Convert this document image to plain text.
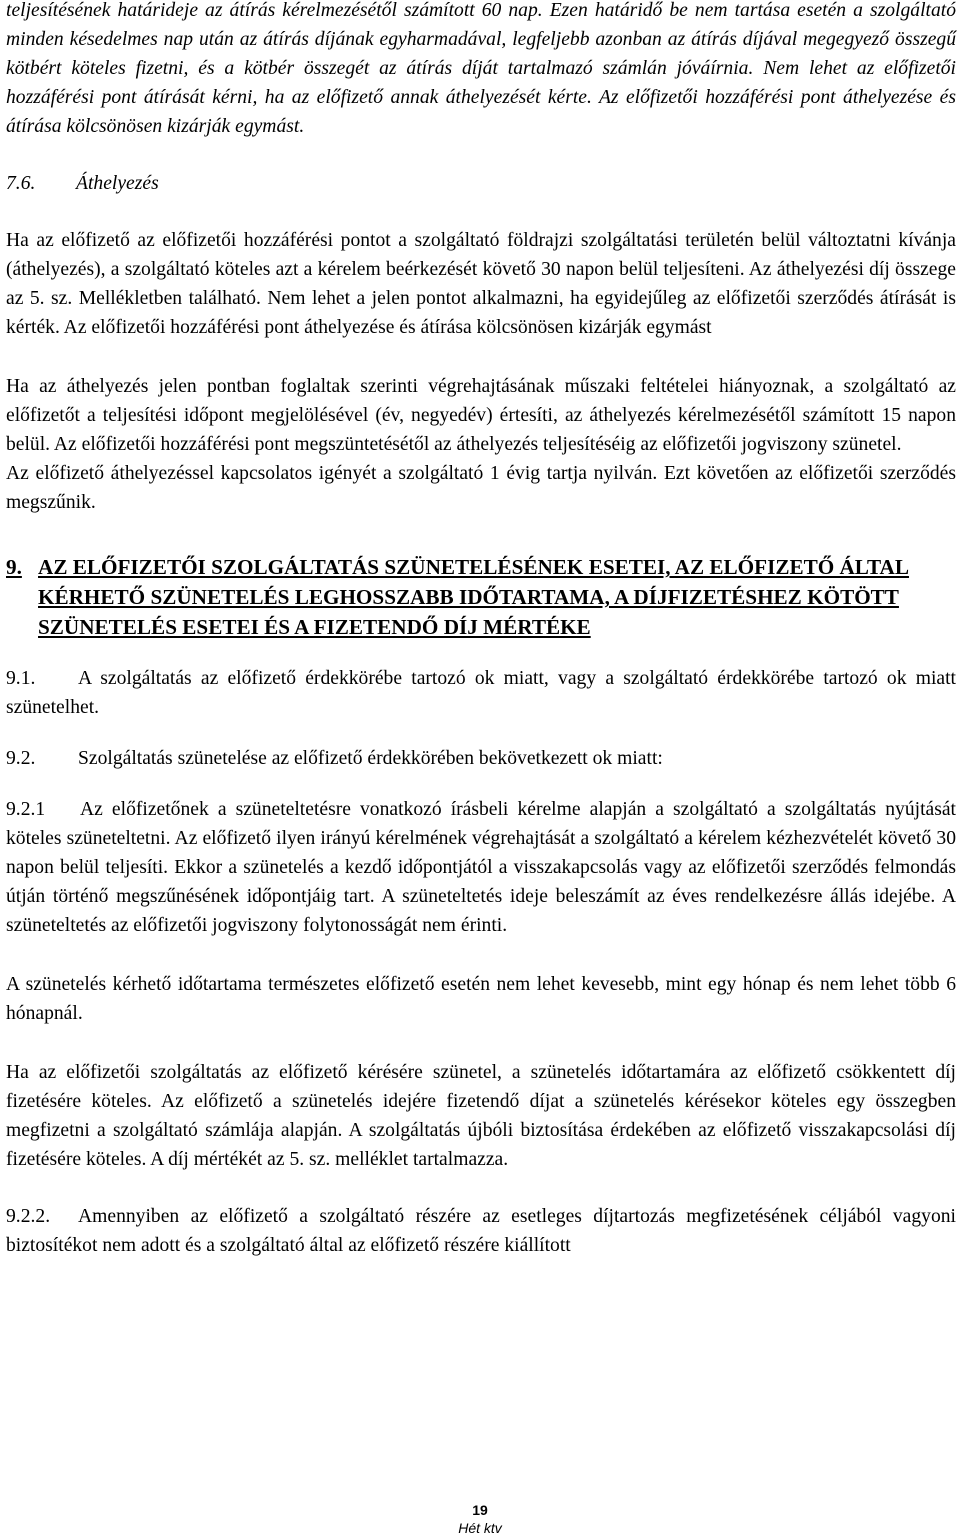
teljesítésének határideje az átírás kérelmezésétől számított 60 nap. Ezen határidő be nem tartása esetén a szolgáltató minden késedelmes nap után az átírás díjának egyharmadával, legfeljebb azonban az átírás díjával megegyező összegű kötbért köteles fizetni, és a kötbér összegét az átírás díját tartalmazó számlán jóváírnia. Nem lehet az előfizetői hozzáférési pont átírását kérni, ha az előfizető annak áthelyezését kérte. Az előfizetői hozzáférési pont áthelyezése és átírása kölcsönösen kizárják egymást.

7.6. Áthelyezés

Ha az előfizető az előfizetői hozzáférési pontot a szolgáltató földrajzi szolgáltatási területén belül változtatni kívánja (áthelyezés), a szolgáltató köteles azt a kérelem beérkezését követő 30 napon belül teljesíteni. Az áthelyezési díj összege az 5. sz. Mellékletben található. Nem lehet a jelen pontot alkalmazni, ha egyidejűleg az előfizetői szerződés átírását is kérték. Az előfizetői hozzáférési pont áthelyezése és átírása kölcsönösen kizárják egymást

Ha az áthelyezés jelen pontban foglaltak szerinti végrehajtásának műszaki feltételei hiányoznak, a szolgáltató az előfizetőt a teljesítési időpont megjelölésével (év, negyedév) értesíti, az áthelyezés kérelmezésétől számított 15 napon belül. Az előfizetői hozzáférési pont megszüntetésétől az áthelyezés teljesítéséig az előfizetői jogviszony szünetel.

Az előfizető áthelyezéssel kapcsolatos igényét a szolgáltató 1 évig tartja nyilván. Ezt követően az előfizetői szerződés megszűnik.

9. AZ ELŐFIZETŐI SZOLGÁLTATÁS SZÜNETELÉSÉNEK ESETEI, AZ ELŐFIZETŐ ÁLTAL KÉRHETŐ SZÜNETELÉS LEGHOSSZABB IDŐTARTAMA, A DÍJFIZETÉSHEZ KÖTÖTT SZÜNETELÉS ESETEI ÉS A FIZETENDŐ DÍJ MÉRTÉKE

9.1. A szolgáltatás az előfizető érdekkörébe tartozó ok miatt, vagy a szolgáltató érdekkörébe tartozó ok miatt szünetelhet.

9.2. Szolgáltatás szünetelése az előfizető érdekkörében bekövetkezett ok miatt:

9.2.1 Az előfizetőnek a szüneteltetésre vonatkozó írásbeli kérelme alapján a szolgáltató a szolgáltatás nyújtását köteles szüneteltetni. Az előfizető ilyen irányú kérelmének végrehajtását a szolgáltató a kérelem kézhezvételét követő 30 napon belül teljesíti. Ekkor a szünetelés a kezdő időpontjától a visszakapcsolás vagy az előfizetői szerződés felmondás útján történő megszűnésének időpontjáig tart. A szüneteltetés ideje beleszámít az éves rendelkezésre állás idejébe. A szüneteltetés az előfizetői jogviszony folytonosságát nem érinti.

A szünetelés kérhető időtartama természetes előfizető esetén nem lehet kevesebb, mint egy hónap és nem lehet több 6 hónapnál.

Ha az előfizetői szolgáltatás az előfizető kérésére szünetel, a szünetelés időtartamára az előfizető csökkentett díj fizetésére köteles. Az előfizető a szünetelés idejére fizetendő díjat a szünetelés kérésekor köteles egy összegben megfizetni a szolgáltató számlája alapján. A szolgáltatás újbóli biztosítása érdekében az előfizető visszakapcsolási díj fizetésére köteles. A díj mértékét az 5. sz. melléklet tartalmazza.

9.2.2. Amennyiben az előfizető a szolgáltató részére az esetleges díjtartozás megfizetésének céljából vagyoni biztosítékot nem adott és a szolgáltató által az előfizető részére kiállított

19
Hét ktv
